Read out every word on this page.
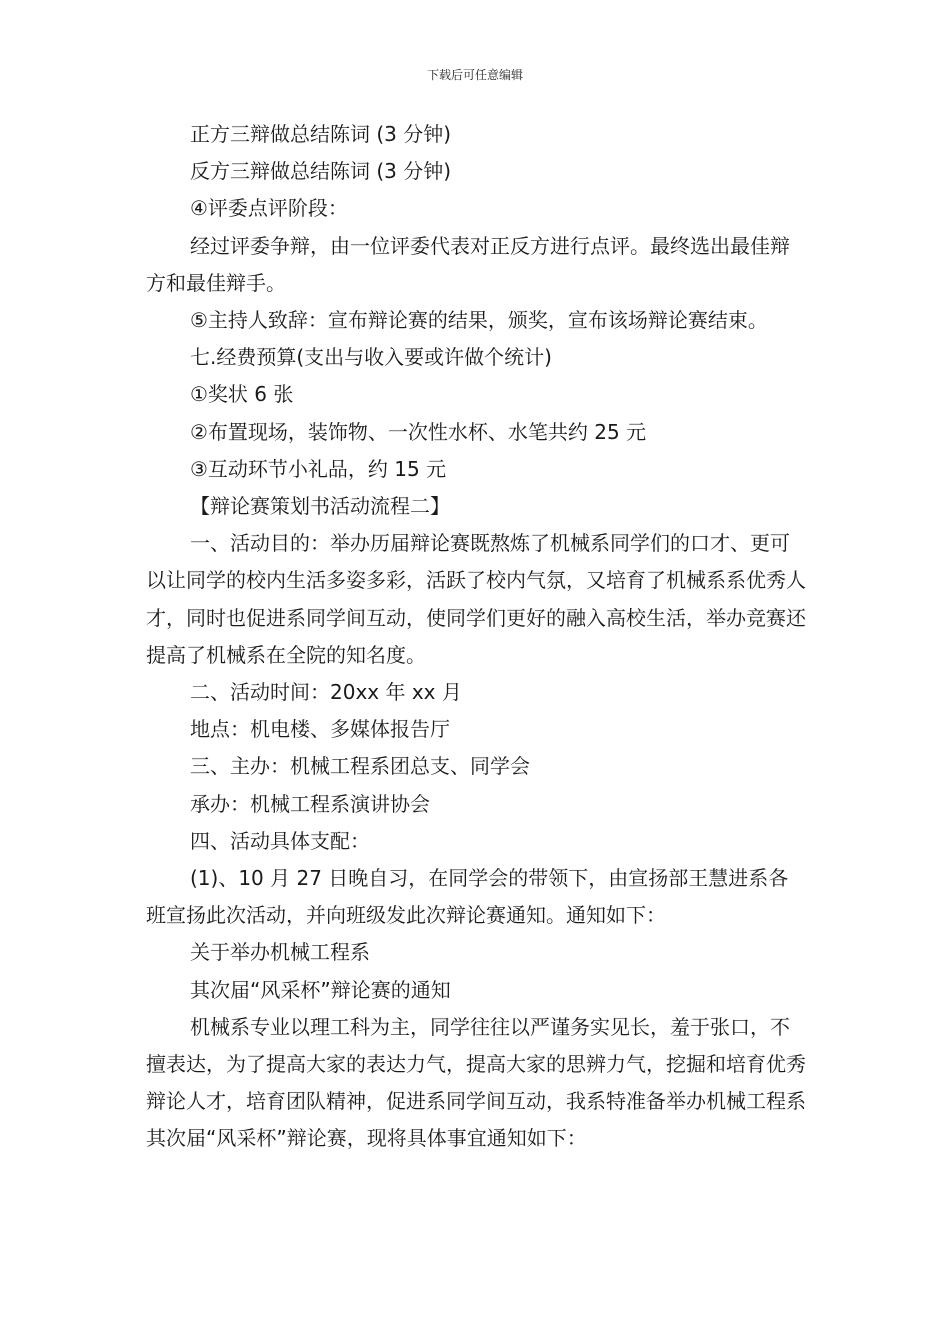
下载后可任意编辑

正方三辩做总结陈词 (3 分钟)

反方三辩做总结陈词 (3 分钟)

④评委点评阶段：

经过评委争辩，由一位评委代表对正反方进行点评。最终选出最佳辩方和最佳辩手。

⑤主持人致辞：宣布辩论赛的结果，颁奖，宣布该场辩论赛结束。

七.经费预算(支出与收入要或许做个统计)

①奖状 6 张

②布置现场，装饰物、一次性水杯、水笔共约 25 元

③互动环节小礼品，约 15 元

【辩论赛策划书活动流程二】

一、活动目的：举办历届辩论赛既熬炼了机械系同学们的口才、更可以让同学的校内生活多姿多彩，活跃了校内气氛，又培育了机械系系优秀人才，同时也促进系同学间互动，使同学们更好的融入高校生活，举办竞赛还提高了机械系在全院的知名度。

二、活动时间：20xx 年 xx 月

地点：机电楼、多媒体报告厅

三、主办：机械工程系团总支、同学会

承办：机械工程系演讲协会

四、活动具体支配：

(1)、10 月 27 日晚自习，在同学会的带领下，由宣扬部王慧进系各班宣扬此次活动，并向班级发此次辩论赛通知。通知如下：

关于举办机械工程系

其次届“风采杯”辩论赛的通知

机械系专业以理工科为主，同学往往以严谨务实见长，羞于张口，不擅表达，为了提高大家的表达力气，提高大家的思辨力气，挖掘和培育优秀辩论人才，培育团队精神，促进系同学间互动，我系特准备举办机械工程系其次届“风采杯”辩论赛，现将具体事宜通知如下：
